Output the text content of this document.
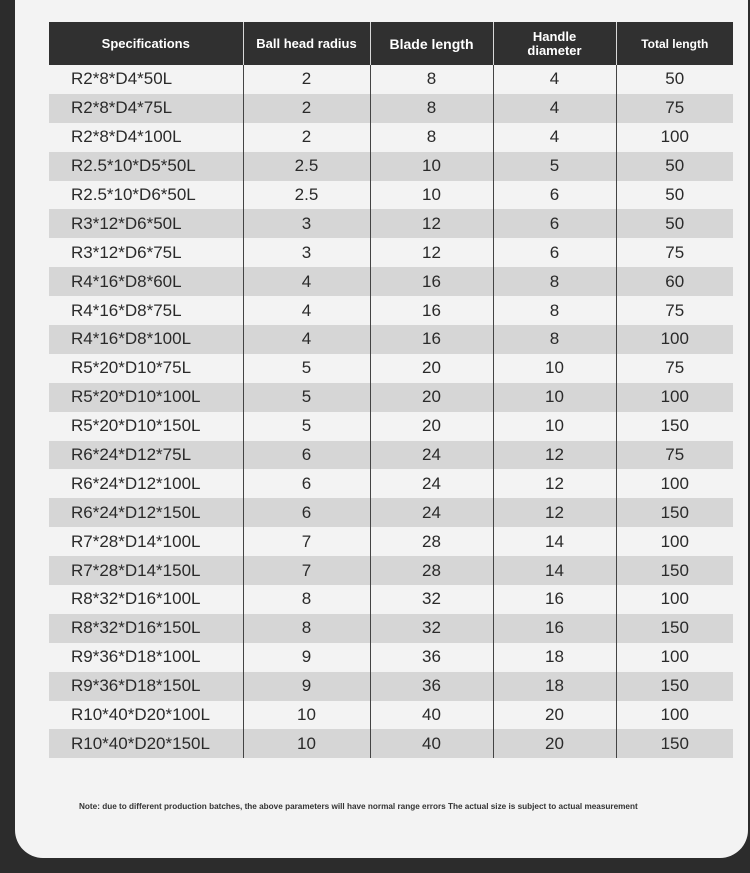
Specifications	Ball head radius	Blade length	Handle diameter	Total length
R2*8*D4*50L	2	8	4	50
R2*8*D4*75L	2	8	4	75
R2*8*D4*100L	2	8	4	100
R2.5*10*D5*50L	2.5	10	5	50
R2.5*10*D6*50L	2.5	10	6	50
R3*12*D6*50L	3	12	6	50
R3*12*D6*75L	3	12	6	75
R4*16*D8*60L	4	16	8	60
R4*16*D8*75L	4	16	8	75
R4*16*D8*100L	4	16	8	100
R5*20*D10*75L	5	20	10	75
R5*20*D10*100L	5	20	10	100
R5*20*D10*150L	5	20	10	150
R6*24*D12*75L	6	24	12	75
R6*24*D12*100L	6	24	12	100
R6*24*D12*150L	6	24	12	150
R7*28*D14*100L	7	28	14	100
R7*28*D14*150L	7	28	14	150
R8*32*D16*100L	8	32	16	100
R8*32*D16*150L	8	32	16	150
R9*36*D18*100L	9	36	18	100
R9*36*D18*150L	9	36	18	150
R10*40*D20*100L	10	40	20	100
R10*40*D20*150L	10	40	20	150
Note: due to different production batches, the above parameters will have normal range errors The actual size is subject to actual measurement
